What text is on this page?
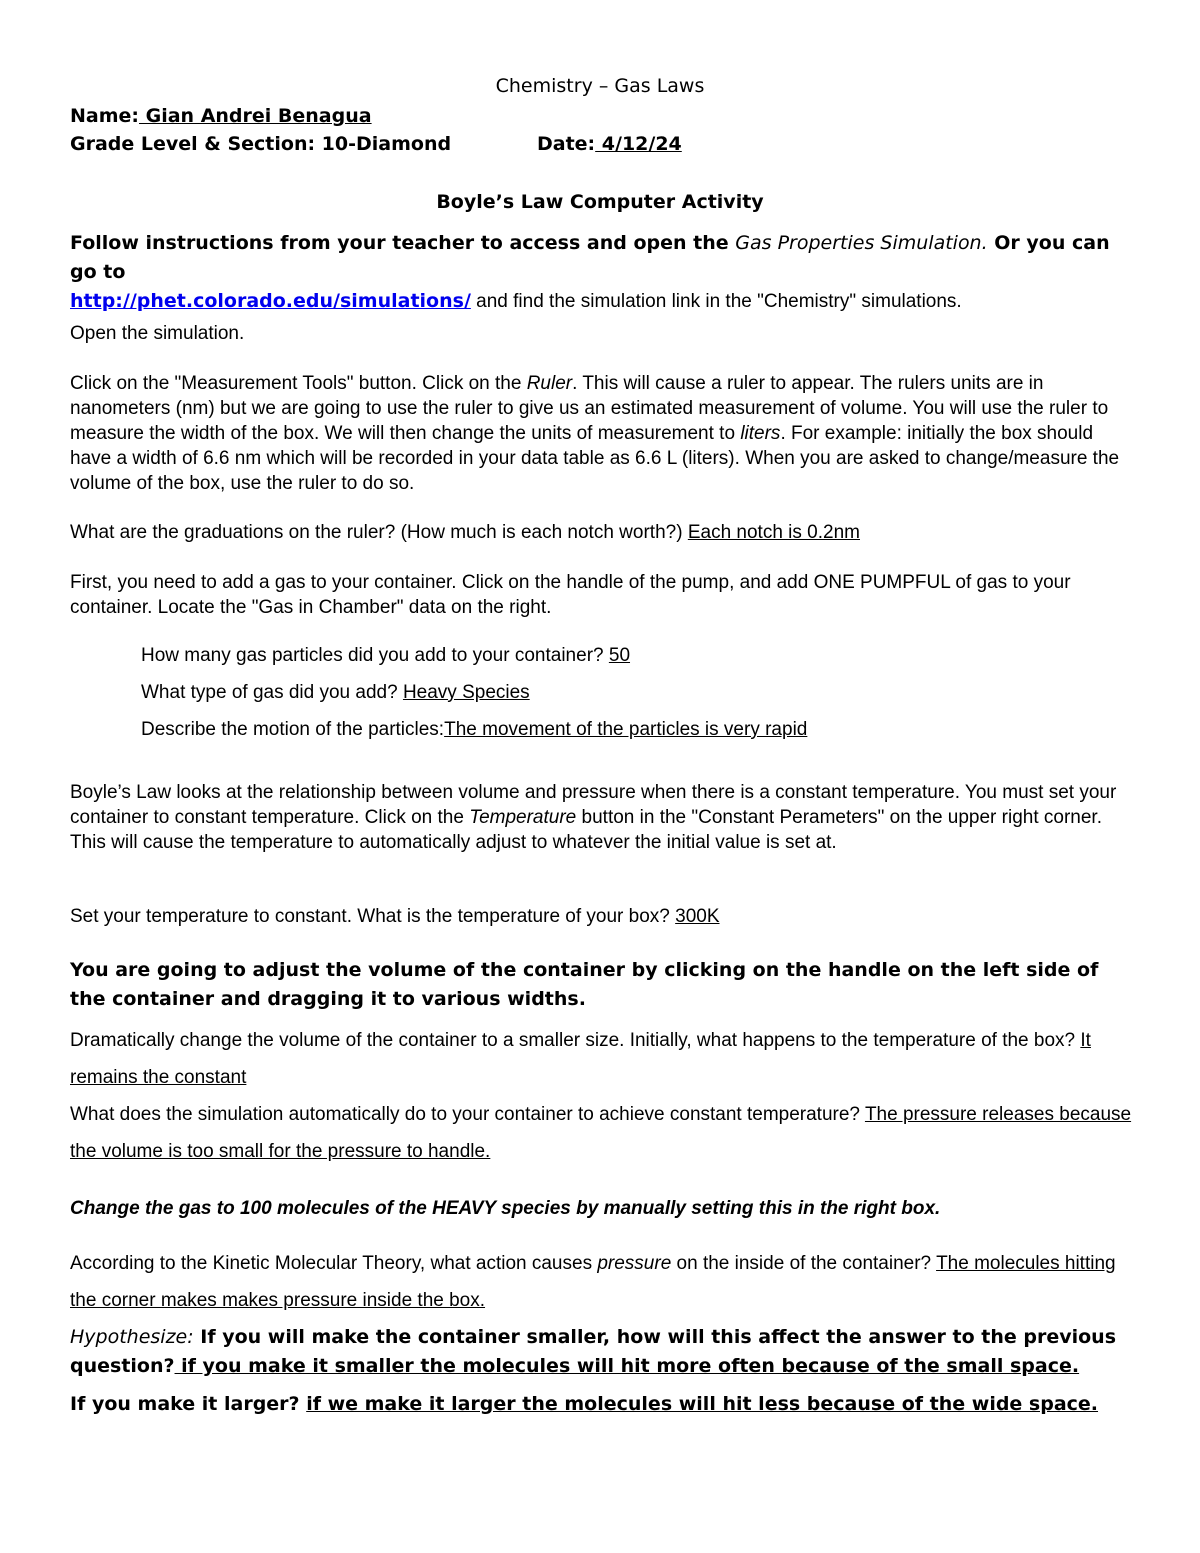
Chemistry – Gas Laws

Name: Gian Andrei Benagua

Grade Level & Section: 10-Diamond	Date: 4/12/24

Boyle’s Law Computer Activity

Follow instructions from your teacher to access and open the Gas Properties Simulation. Or you can go to
http://phet.colorado.edu/simulations/ and find the simulation link in the "Chemistry" simulations.

Open the simulation.

Click on the "Measurement Tools" button. Click on the Ruler. This will cause a ruler to appear. The rulers units are in nanometers (nm) but we are going to use the ruler to give us an estimated measurement of volume. You will use the ruler to measure the width of the box. We will then change the units of measurement to liters. For example: initially the box should have a width of 6.6 nm which will be recorded in your data table as 6.6 L (liters). When you are asked to change/measure the volume of the box, use the ruler to do so.

What are the graduations on the ruler? (How much is each notch worth?) Each notch is 0.2nm

First, you need to add a gas to your container. Click on the handle of the pump, and add ONE PUMPFUL of gas to your container. Locate the "Gas in Chamber" data on the right.

How many gas particles did you add to your container? 50

What type of gas did you add? Heavy Species

Describe the motion of the particles:The movement of the particles is very rapid

Boyle’s Law looks at the relationship between volume and pressure when there is a constant temperature. You must set your container to constant temperature. Click on the Temperature button in the "Constant Perameters" on the upper right corner. This will cause the temperature to automatically adjust to whatever the initial value is set at.

Set your temperature to constant. What is the temperature of your box? 300K

You are going to adjust the volume of the container by clicking on the handle on the left side of the container and dragging it to various widths.

Dramatically change the volume of the container to a smaller size. Initially, what happens to the temperature of the box? It remains the constant

What does the simulation automatically do to your container to achieve constant temperature? The pressure releases because the volume is too small for the pressure to handle.

Change the gas to 100 molecules of the HEAVY species by manually setting this in the right box.

According to the Kinetic Molecular Theory, what action causes pressure on the inside of the container? The molecules hitting the corner makes makes pressure inside the box.

Hypothesize: If you will make the container smaller, how will this affect the answer to the previous question? if you make it smaller the molecules will hit more often because of the small space.

If you make it larger? if we make it larger the molecules will hit less because of the wide space.
